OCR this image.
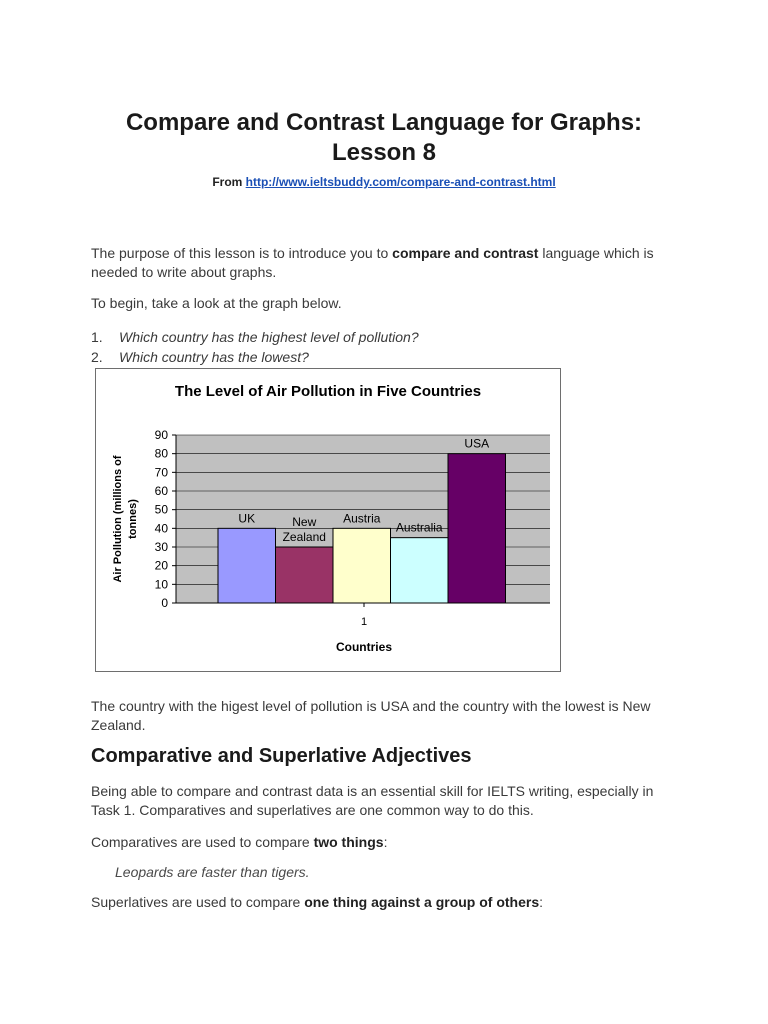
Compare and Contrast Language for Graphs:
Lesson 8
From http://www.ieltsbuddy.com/compare-and-contrast.html

The purpose of this lesson is to introduce you to compare and contrast language which is needed to write about graphs.

To begin, take a look at the graph below.

1.	Which country has the highest level of pollution?
2.	Which country has the lowest?
The Level of Air Pollution in Five Countries
0
10
20
30
40
50
60
70
80
90
UK	New
Zealand
Austria
Australia
USA
Air Pollution (millions of tonnes)
1
Countries

The country with the higest level of pollution is USA and the country with the lowest is New Zealand.

Comparative and Superlative Adjectives

Being able to compare and contrast data is an essential skill for IELTS writing, especially in Task 1. Comparatives and superlatives are one common way to do this.

Comparatives are used to compare two things:

Leopards are faster than tigers.

Superlatives are used to compare one thing against a group of others:
